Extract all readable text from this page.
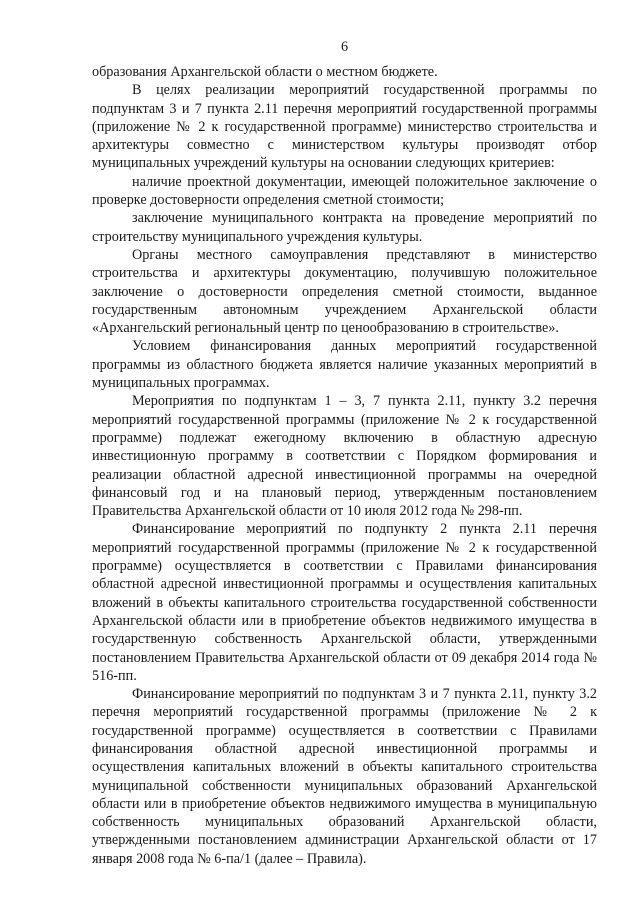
6

образования Архангельской области о местном бюджете.

В целях реализации мероприятий государственной программы по подпунктам 3 и 7 пункта 2.11 перечня мероприятий государственной программы (приложение № 2 к государственной программе) министерство строительства и архитектуры совместно с министерством культуры производят отбор муниципальных учреждений культуры на основании следующих критериев:

наличие проектной документации, имеющей положительное заключение о проверке достоверности определения сметной стоимости;

заключение муниципального контракта на проведение мероприятий по строительству муниципального учреждения культуры.

Органы местного самоуправления представляют в министерство строительства и архитектуры документацию, получившую положительное заключение о достоверности определения сметной стоимости, выданное государственным автономным учреждением Архангельской области «Архангельский региональный центр по ценообразованию в строительстве».

Условием финансирования данных мероприятий государственной программы из областного бюджета является наличие указанных мероприятий в муниципальных программах.

Мероприятия по подпунктам 1 – 3, 7 пункта 2.11, пункту 3.2 перечня мероприятий государственной программы (приложение № 2 к государственной программе) подлежат ежегодному включению в областную адресную инвестиционную программу в соответствии с Порядком формирования и реализации областной адресной инвестиционной программы на очередной финансовый год и на плановый период, утвержденным постановлением Правительства Архангельской области от 10 июля 2012 года № 298-пп.

Финансирование мероприятий по подпункту 2 пункта 2.11 перечня мероприятий государственной программы (приложение № 2 к государственной программе) осуществляется в соответствии с Правилами финансирования областной адресной инвестиционной программы и осуществления капитальных вложений в объекты капитального строительства государственной собственности Архангельской области или в приобретение объектов недвижимого имущества в государственную собственность Архангельской области, утвержденными постановлением Правительства Архангельской области от 09 декабря 2014 года № 516-пп.

Финансирование мероприятий по подпунктам 3 и 7 пункта 2.11, пункту 3.2 перечня мероприятий государственной программы (приложение № 2 к государственной программе) осуществляется в соответствии с Правилами финансирования областной адресной инвестиционной программы и осуществления капитальных вложений в объекты капитального строительства муниципальной собственности муниципальных образований Архангельской области или в приобретение объектов недвижимого имущества в муниципальную собственность муниципальных образований Архангельской области, утвержденными постановлением администрации Архангельской области от 17 января 2008 года № 6-па/1 (далее – Правила).
